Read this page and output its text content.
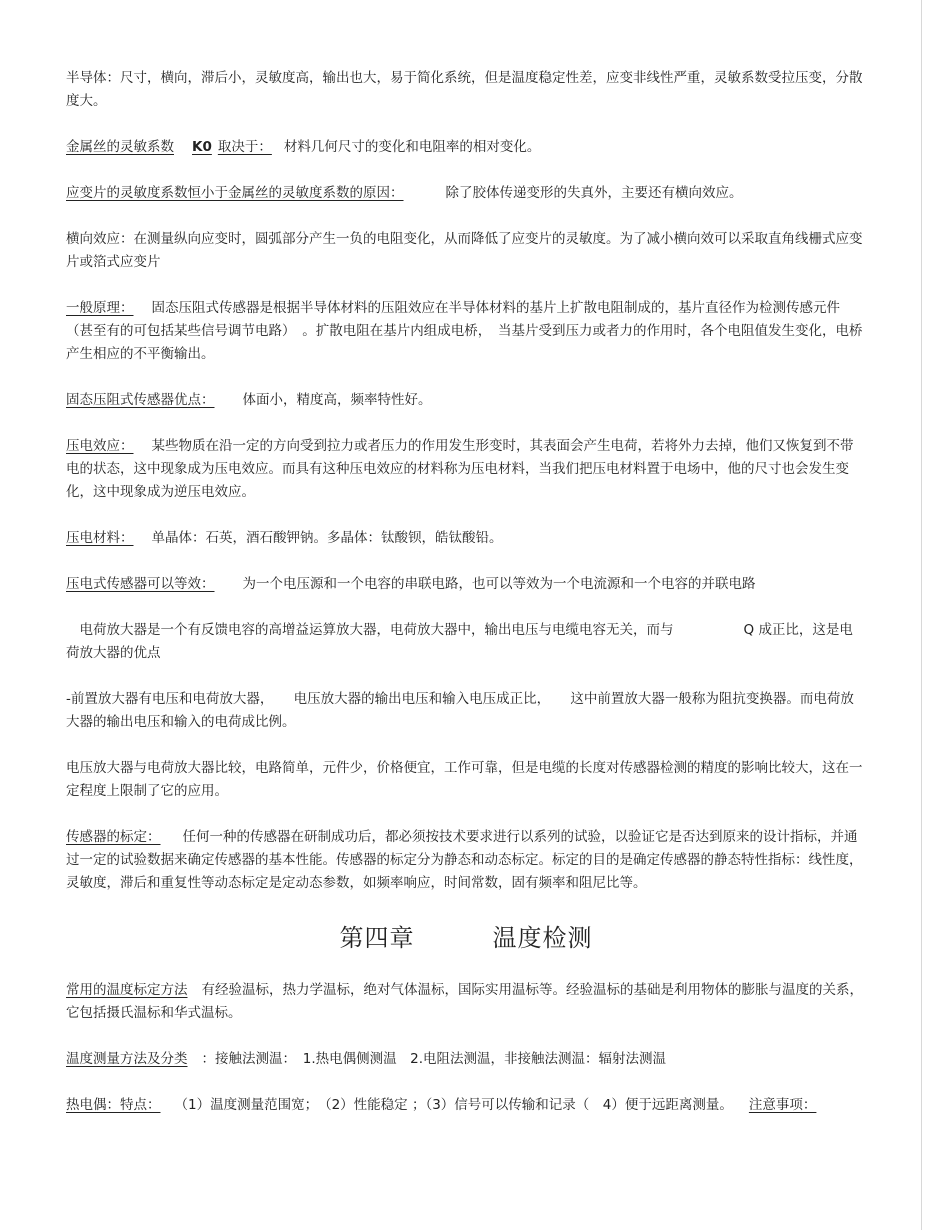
半导体：尺寸，横向，滞后小，灵敏度高，输出也大，易于简化系统，但是温度稳定性差，应变非线性严重，灵敏系数受拉压变，分散度大。

金属丝的灵敏系数 K0 取决于： 材料几何尺寸的变化和电阻率的相对变化。

应变片的灵敏度系数恒小于金属丝的灵敏度系数的原因：	除了胶体传递变形的失真外，主要还有横向效应。

横向效应：在测量纵向应变时，圆弧部分产生一负的电阻变化，从而降低了应变片的灵敏度。为了减小横向效可以采取直角线栅式应变片或箔式应变片

一般原理： 固态压阻式传感器是根据半导体材料的压阻效应在半导体材料的基片上扩散电阻制成的，基片直径作为检测传感元件　（甚至有的可包括某些信号调节电路）　。扩散电阻在基片内组成电桥，　当基片受到压力或者力的作用时，各个电阻值发生变化，电桥产生相应的不平衡输出。

固态压阻式传感器优点： 体面小，精度高，频率特性好。

压电效应： 某些物质在沿一定的方向受到拉力或者压力的作用发生形变时，其表面会产生电荷，若将外力去掉，他们又恢复到不带电的状态，这中现象成为压电效应。而具有这种压电效应的材料称为压电材料，当我们把压电材料置于电场中，他的尺寸也会发生变化，这中现象成为逆压电效应。

压电材料： 单晶体：石英，酒石酸钾钠。多晶体：钛酸钡，皓钛酸铅。

压电式传感器可以等效： 为一个电压源和一个电容的串联电路，也可以等效为一个电流源和一个电容的并联电路

　电荷放大器是一个有反馈电容的高增益运算放大器，电荷放大器中，输出电压与电缆电容无关，而与	Q 成正比，这是电荷放大器的优点

-前置放大器有电压和电荷放大器，　　电压放大器的输出电压和输入电压成正比，　　这中前置放大器一般称为阻抗变换器。而电荷放大器的输出电压和输入的电荷成比例。

电压放大器与电荷放大器比较，电路简单，元件少，价格便宜，工作可靠，但是电缆的长度对传感器检测的精度的影响比较大，这在一定程度上限制了它的应用。

传感器的标定： 任何一种的传感器在研制成功后，都必须按技术要求进行以系列的试验，以验证它是否达到原来的设计指标，并通过一定的试验数据来确定传感器的基本性能。传感器的标定分为静态和动态标定。标定的目的是确定传感器的静态特性指标：线性度，灵敏度，滞后和重复性等动态标定是定动态参数，如频率响应，时间常数，固有频率和阻尼比等。

第四章	温度检测

常用的温度标定方法 有经验温标，热力学温标，绝对气体温标，国际实用温标等。经验温标的基础是利用物体的膨胀与温度的关系，它包括摄氏温标和华式温标。

温度测量方法及分类 ：接触法测温：　1.热电偶侧测温　2.电阻法测温，非接触法测温：辐射法测温

热电偶：特点： （1）温度测量范围宽；　（2）性能稳定 ；（3）信号可以传输和记录（　4）便于远距离测量。 注意事项：
